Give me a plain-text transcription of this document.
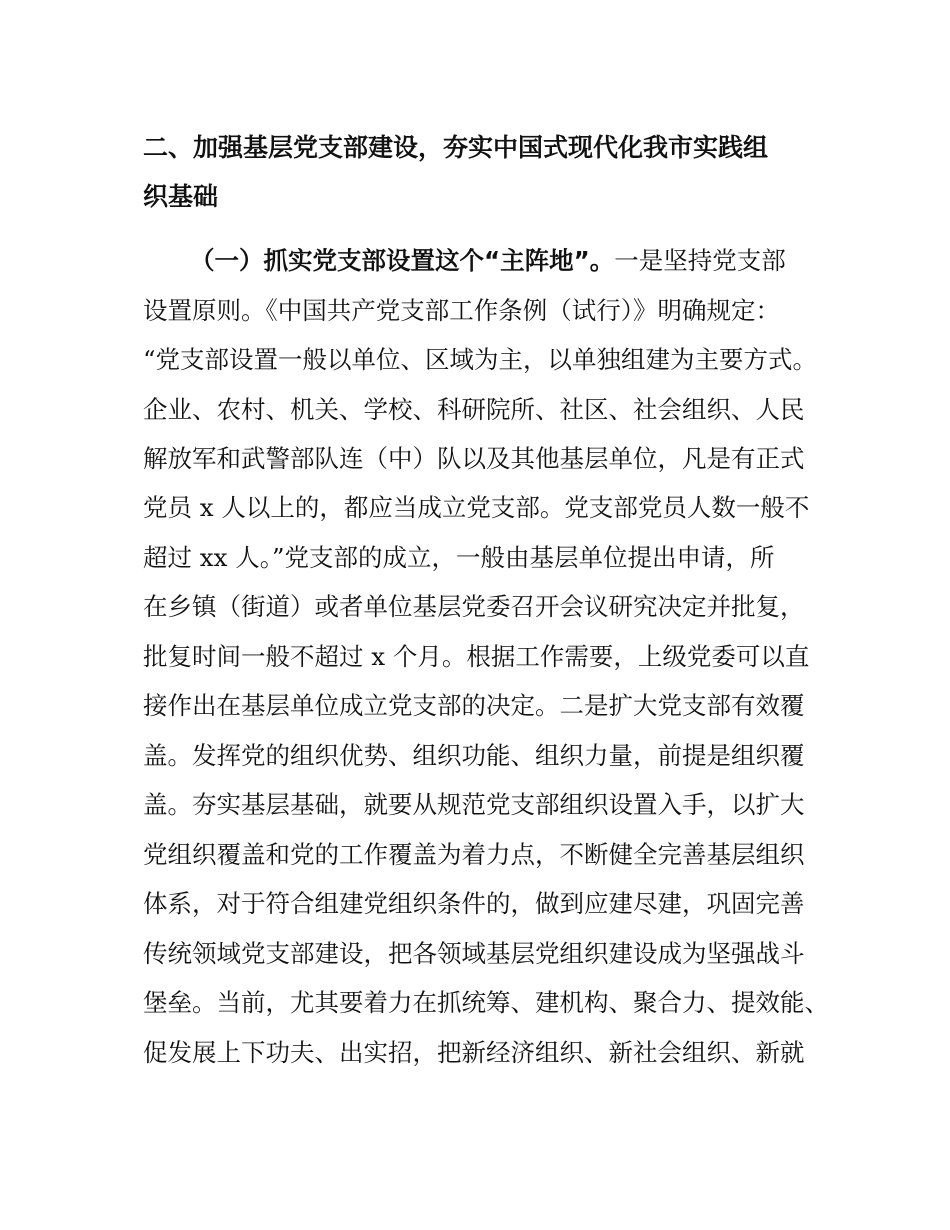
二、加强基层党支部建设，夯实中国式现代化我市实践组
织基础
（一）抓实党支部设置这个“主阵地”。一是坚持党支部
设置原则。《中国共产党支部工作条例（试行）》明确规定：
“党支部设置一般以单位、区域为主，以单独组建为主要方式。
企业、农村、机关、学校、科研院所、社区、社会组织、人民
解放军和武警部队连（中）队以及其他基层单位，凡是有正式
党员 x 人以上的，都应当成立党支部。党支部党员人数一般不
超过 xx 人。”党支部的成立，一般由基层单位提出申请，所
在乡镇（街道）或者单位基层党委召开会议研究决定并批复，
批复时间一般不超过 x 个月。根据工作需要，上级党委可以直
接作出在基层单位成立党支部的决定。二是扩大党支部有效覆
盖。发挥党的组织优势、组织功能、组织力量，前提是组织覆
盖。夯实基层基础，就要从规范党支部组织设置入手，以扩大
党组织覆盖和党的工作覆盖为着力点，不断健全完善基层组织
体系，对于符合组建党组织条件的，做到应建尽建，巩固完善
传统领域党支部建设，把各领域基层党组织建设成为坚强战斗
堡垒。当前，尤其要着力在抓统筹、建机构、聚合力、提效能、
促发展上下功夫、出实招，把新经济组织、新社会组织、新就
